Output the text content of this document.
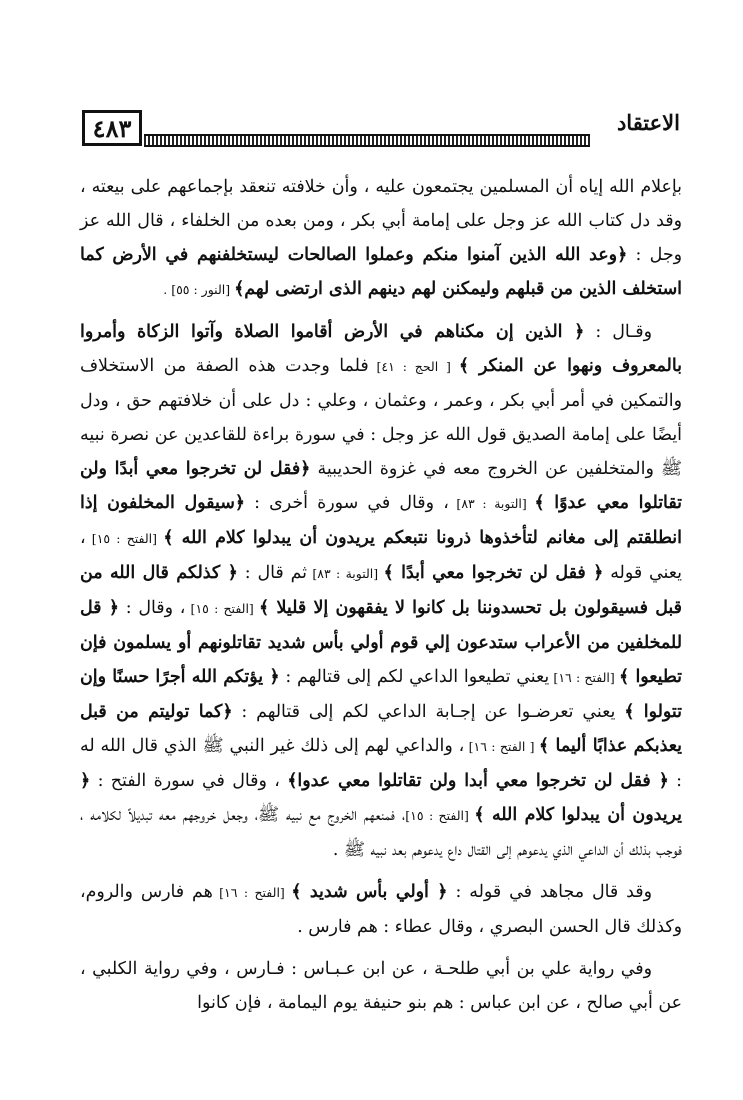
٤٨٣	الاعتقاد

بإعلام الله إياه أن المسلمين يجتمعون عليه ، وأن خلافته تنعقد بإجماعهم على بيعته ، وقد دل كتاب الله عز وجل على إمامة أبي بكر ، ومن بعده من الخلفاء ، قال الله عز وجل : ﴿وعد الله الذين آمنوا منكم وعملوا الصالحات ليستخلفنهم في الأرض كما استخلف الذين من قبلهم وليمكنن لهم دينهم الذى ارتضى لهم﴾ [النور : ٥٥] .

وقـال : ﴿ الذين إن مكناهم في الأرض أقاموا الصلاة وآتوا الزكاة وأمروا بالمعروف ونهوا عن المنكر ﴾ [ الحج : ٤١] فلما وجدت هذه الصفة من الاستخلاف والتمكين في أمر أبي بكر ، وعمر ، وعثمان ، وعلي : دل على أن خلافتهم حق ، ودل أيضًا على إمامة الصديق قول الله عز وجل : في سورة براءة للقاعدين عن نصرة نبيه ﷺ والمتخلفين عن الخروج معه في غزوة الحديبية ﴿فقل لن تخرجوا معي أبدًا ولن تقاتلوا معي عدوًا ﴾ [التوبة : ٨٣] ، وقال في سورة أخرى : ﴿سيقول المخلفون إذا انطلقتم إلى مغانم لتأخذوها ذرونا نتبعكم يريدون أن يبدلوا كلام الله ﴾ [الفتح : ١٥] ، يعني قوله ﴿ فقل لن تخرجوا معي أبدًا ﴾ [التوبة : ٨٣] ثم قال : ﴿ كذلكم قال الله من قبل فسيقولون بل تحسدوننا بل كانوا لا يفقهون إلا قليلا ﴾ [الفتح : ١٥] ، وقال : ﴿ قل للمخلفين من الأعراب ستدعون إلي قوم أولي بأس شديد تقاتلونهم أو يسلمون فإن تطيعوا ﴾ [الفتح : ١٦] يعني تطيعوا الداعي لكم إلى قتالهم : ﴿ يؤتكم الله أجرًا حسنًا وإن تتولوا ﴾ يعني تعرضـوا عن إجـابة الداعي لكم إلى قتالهم : ﴿كما توليتم من قبل يعذبكم عذابًا أليما ﴾ [ الفتح : ١٦] ، والداعي لهم إلى ذلك غير النبي ﷺ الذي قال الله له : ﴿ فقل لن تخرجوا معي أبدا ولن تقاتلوا معي عدوا﴾ ، وقال في سورة الفتح : ﴿ يريدون أن يبدلوا كلام الله ﴾ [الفتح : ١٥]، فمنعهم الخروج مع نبيه ﷺ، وجعل خروجهم معه تبديلاً لكلامه ، فوجب بذلك أن الداعي الذي يدعوهم إلى القتال داع يدعوهم بعد نبيه ﷺ .

وقد قال مجاهد في قوله : ﴿ أولي بأس شديد ﴾ [الفتح : ١٦] هم فارس والروم، وكذلك قال الحسن البصري ، وقال عطاء : هم فارس .

وفي رواية علي بن أبي طلحـة ، عن ابن عـبـاس : فـارس ، وفي رواية الكلبي ، عن أبي صالح ، عن ابن عباس : هم بنو حنيفة يوم اليمامة ، فإن كانوا
